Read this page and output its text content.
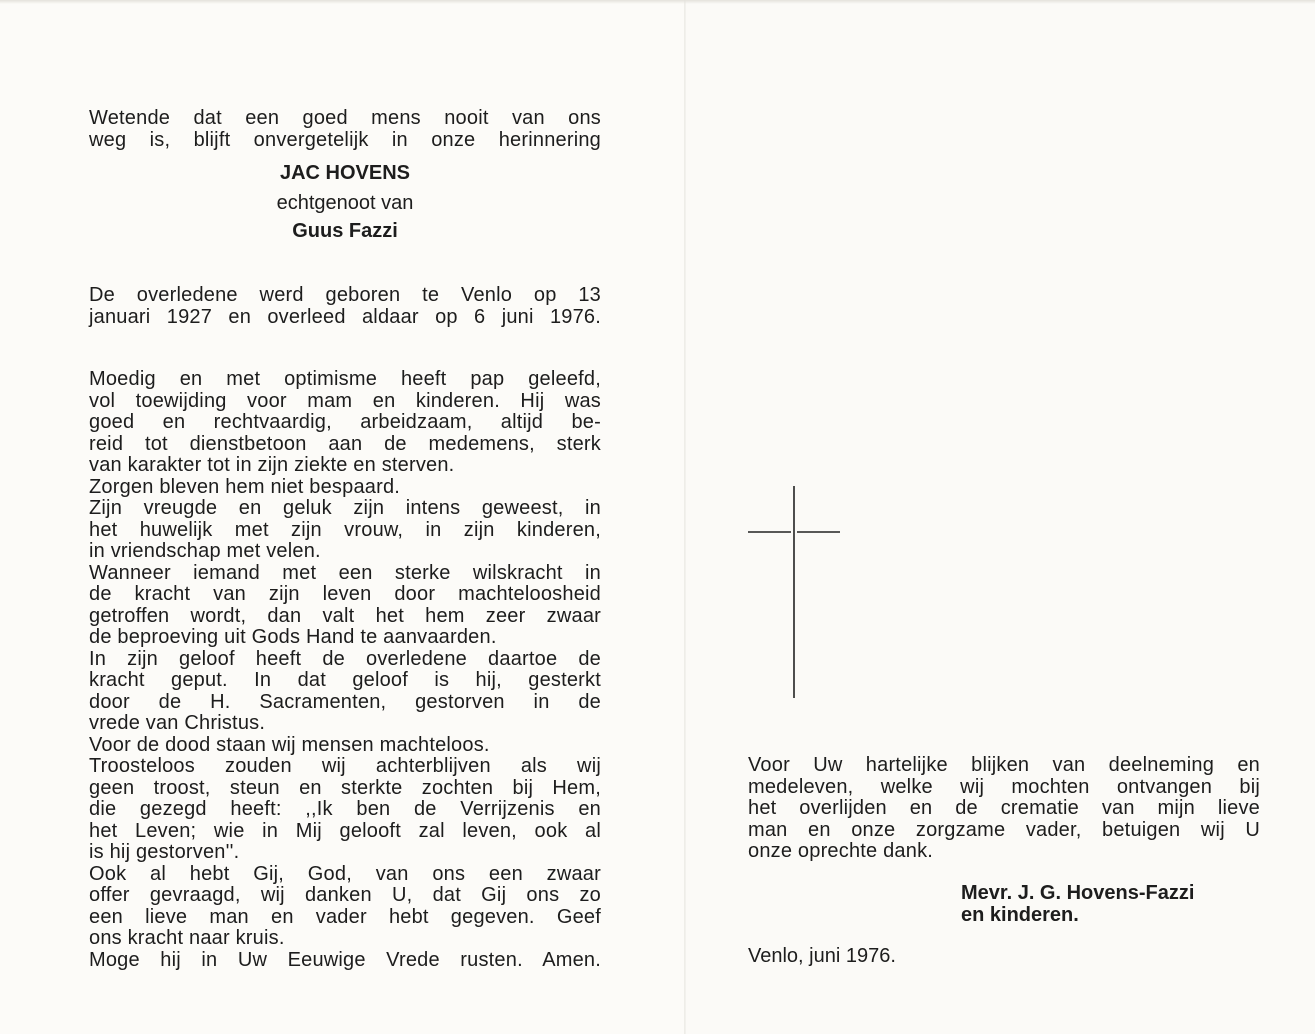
Wetende dat een goed mens nooit van ons
weg is, blijft onvergetelijk in onze herinnering
JAC HOVENS
echtgenoot van
Guus Fazzi
De overledene werd geboren te Venlo op 13
januari 1927 en overleed aldaar op 6 juni 1976.
Moedig en met optimisme heeft pap geleefd,
vol toewijding voor mam en kinderen. Hij was
goed en rechtvaardig, arbeidzaam, altijd be-
reid tot dienstbetoon aan de medemens, sterk
van karakter tot in zijn ziekte en sterven.
Zorgen bleven hem niet bespaard.
Zijn vreugde en geluk zijn intens geweest, in
het huwelijk met zijn vrouw, in zijn kinderen,
in vriendschap met velen.
Wanneer iemand met een sterke wilskracht in
de kracht van zijn leven door machteloosheid
getroffen wordt, dan valt het hem zeer zwaar
de beproeving uit Gods Hand te aanvaarden.
In zijn geloof heeft de overledene daartoe de
kracht geput. In dat geloof is hij, gesterkt
door de H. Sacramenten, gestorven in de
vrede van Christus.
Voor de dood staan wij mensen machteloos.
Troosteloos zouden wij achterblijven als wij
geen troost, steun en sterkte zochten bij Hem,
die gezegd heeft: ,,Ik ben de Verrijzenis en
het Leven; wie in Mij gelooft zal leven, ook al
is hij gestorven''.
Ook al hebt Gij, God, van ons een zwaar
offer gevraagd, wij danken U, dat Gij ons zo
een lieve man en vader hebt gegeven. Geef
ons kracht naar kruis.
Moge hij in Uw Eeuwige Vrede rusten. Amen.
Voor Uw hartelijke blijken van deelneming en
medeleven, welke wij mochten ontvangen bij
het overlijden en de crematie van mijn lieve
man en onze zorgzame vader, betuigen wij U
onze oprechte dank.
Mevr. J. G. Hovens-Fazzi
en kinderen.
Venlo, juni 1976.
